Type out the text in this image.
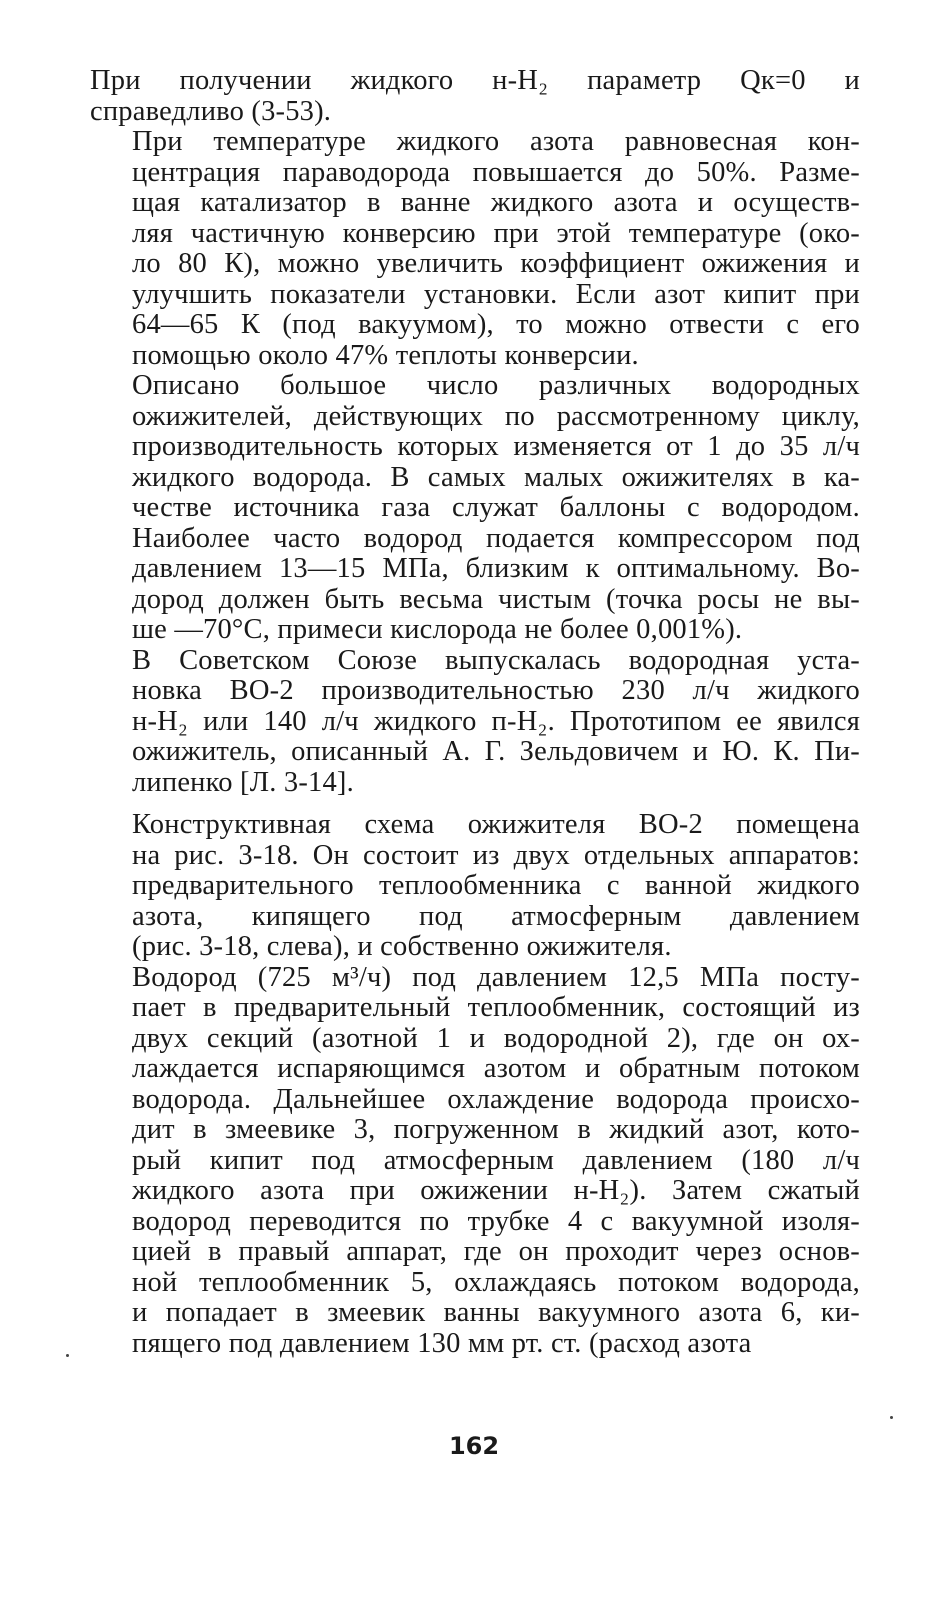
При получении жидкого н-H₂ параметр Qк=0 и
справедливо (3-53).
При температуре жидкого азота равновесная кон-
центрация параводорода повышается до 50%. Разме-
щая катализатор в ванне жидкого азота и осуществ-
ляя частичную конверсию при этой температуре (око-
ло 80 К), можно увеличить коэффициент ожижения и
улучшить показатели установки. Если азот кипит при
64—65 К (под вакуумом), то можно отвести с его
помощью около 47% теплоты конверсии.
Описано большое число различных водородных
ожижителей, действующих по рассмотренному циклу,
производительность которых изменяется от 1 до 35 л/ч
жидкого водорода. В самых малых ожижителях в ка-
честве источника газа служат баллоны с водородом.
Наиболее часто водород подается компрессором под
давлением 13—15 МПа, близким к оптимальному. Во-
дород должен быть весьма чистым (точка росы не вы-
ше —70°С, примеси кислорода не более 0,001%).
В Советском Союзе выпускалась водородная уста-
новка ВО-2 производительностью 230 л/ч жидкого
н-H₂ или 140 л/ч жидкого п-H₂. Прототипом ее явился
ожижитель, описанный А. Г. Зельдовичем и Ю. К. Пи-
липенко [Л. 3-14].
Конструктивная схема ожижителя ВО-2 помещена
на рис. 3-18. Он состоит из двух отдельных аппаратов:
предварительного теплообменника с ванной жидкого
азота, кипящего под атмосферным давлением
(рис. 3-18, слева), и собственно ожижителя.
Водород (725 м³/ч) под давлением 12,5 МПа посту-
пает в предварительный теплообменник, состоящий из
двух секций (азотной 1 и водородной 2), где он ох-
лаждается испаряющимся азотом и обратным потоком
водорода. Дальнейшее охлаждение водорода происхо-
дит в змеевике 3, погруженном в жидкий азот, кото-
рый кипит под атмосферным давлением (180 л/ч
жидкого азота при ожижении н-H₂). Затем сжатый
водород переводится по трубке 4 с вакуумной изоля-
цией в правый аппарат, где он проходит через основ-
ной теплообменник 5, охлаждаясь потоком водорода,
и попадает в змеевик ванны вакуумного азота 6, ки-
пящего под давлением 130 мм рт. ст. (расход азота
162
